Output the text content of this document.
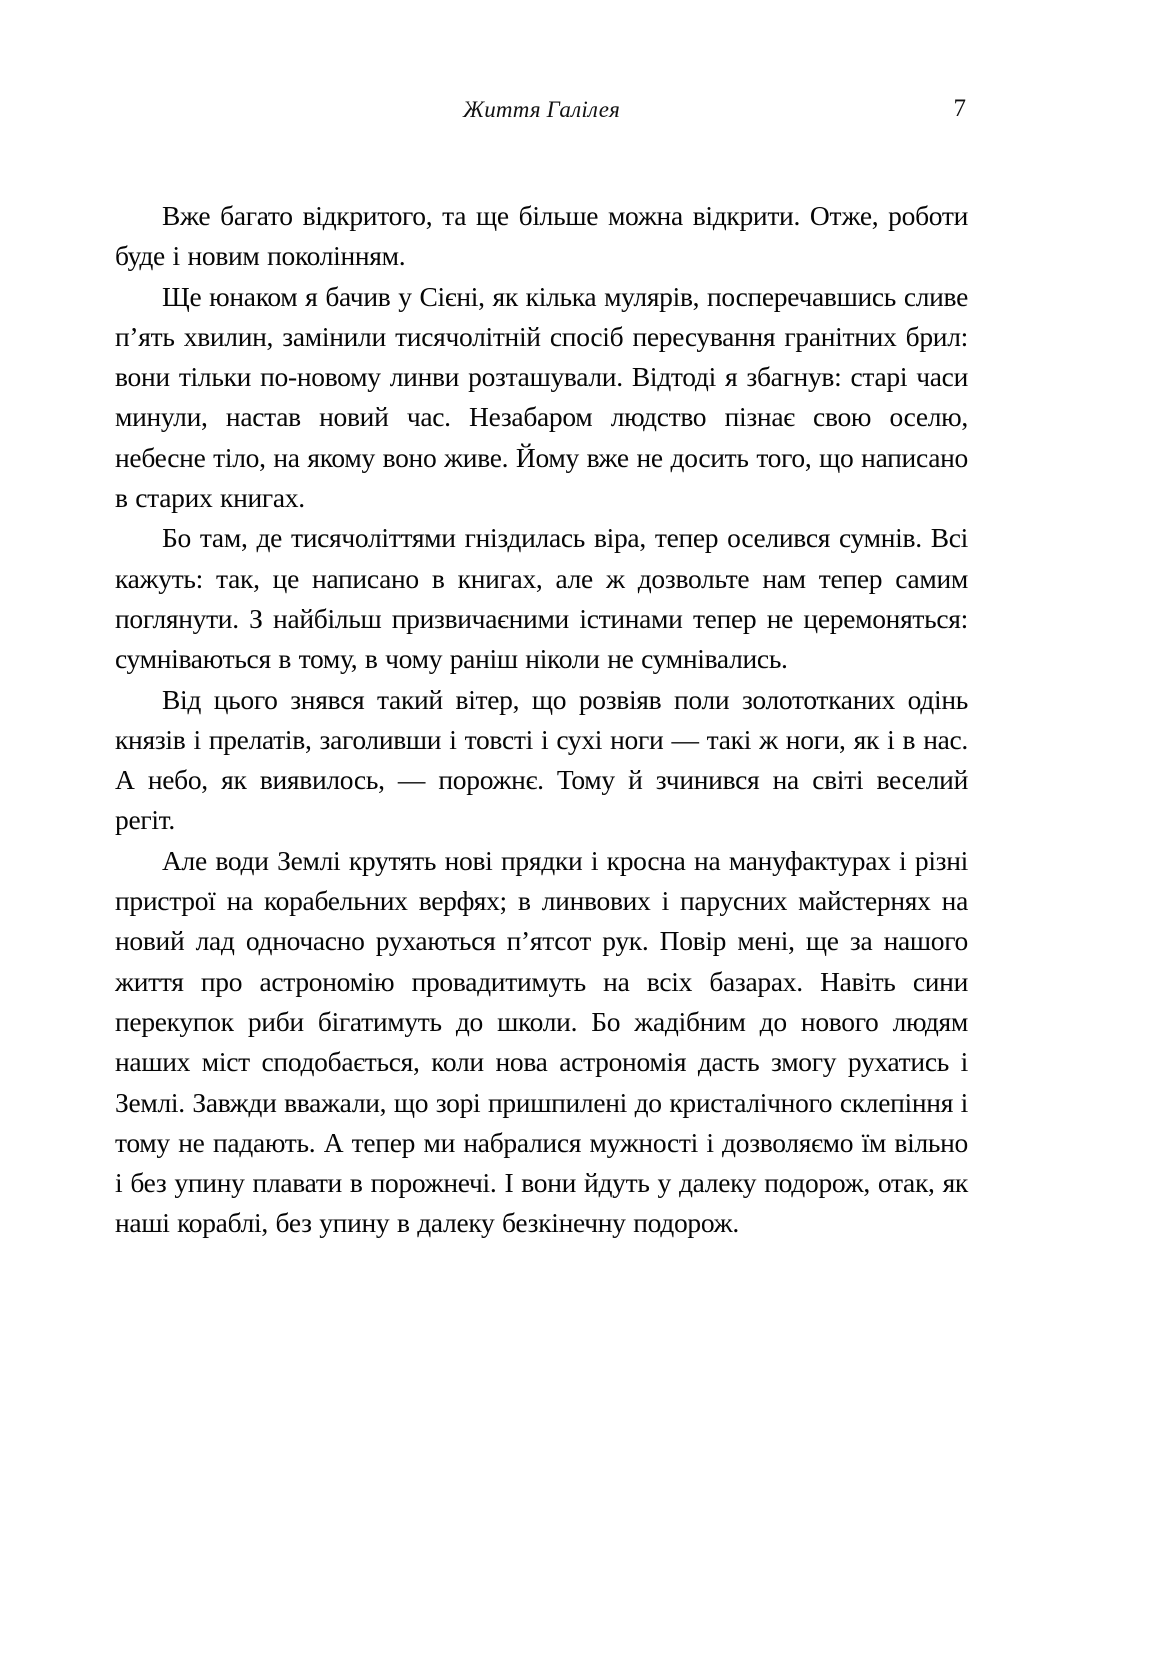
Життя Галілея	7

Вже багато відкритого, та ще більше можна відкрити. Отже, роботи буде і новим поколінням.

Ще юнаком я бачив у Сієні, як кілька мулярів, посперечавшись сливе п’ять хвилин, замінили тисячолітній спосіб пересування гранітних брил: вони тільки по-новому линви розташували. Відтоді я збагнув: старі часи минули, настав новий час. Незабаром людство пізнає свою оселю, небесне тіло, на якому воно живе. Йому вже не досить того, що написано в старих книгах.

Бо там, де тисячоліттями гніздилась віра, тепер оселився сумнів. Всі кажуть: так, це написано в книгах, але ж дозвольте нам тепер самим поглянути. З найбільш призвичаєними істинами тепер не церемоняться: сумніваються в тому, в чому раніш ніколи не сумнівались.

Від цього знявся такий вітер, що розвіяв поли золототканих одінь князів і прелатів, заголивши і товсті і сухі ноги — такі ж ноги, як і в нас. А небо, як виявилось, — порожнє. Тому й зчинився на світі веселий регіт.

Але води Землі крутять нові прядки і кросна на мануфактурах і різні пристрої на корабельних верфях; в линвових і парусних майстернях на новий лад одночасно рухаються п’ятсот рук. Повір мені, ще за нашого життя про астрономію провадитимуть на всіх базарах. Навіть сини перекупок риби бігатимуть до школи. Бо жадібним до нового людям наших міст сподобається, коли нова астрономія дасть змогу рухатись і Землі. Завжди вважали, що зорі пришпилені до кристалічного склепіння і тому не падають. А тепер ми набралися мужності і дозволяємо їм вільно і без упину плавати в порожнечі. І вони йдуть у далеку подорож, отак, як наші кораблі, без упину в далеку безкінечну подорож.
